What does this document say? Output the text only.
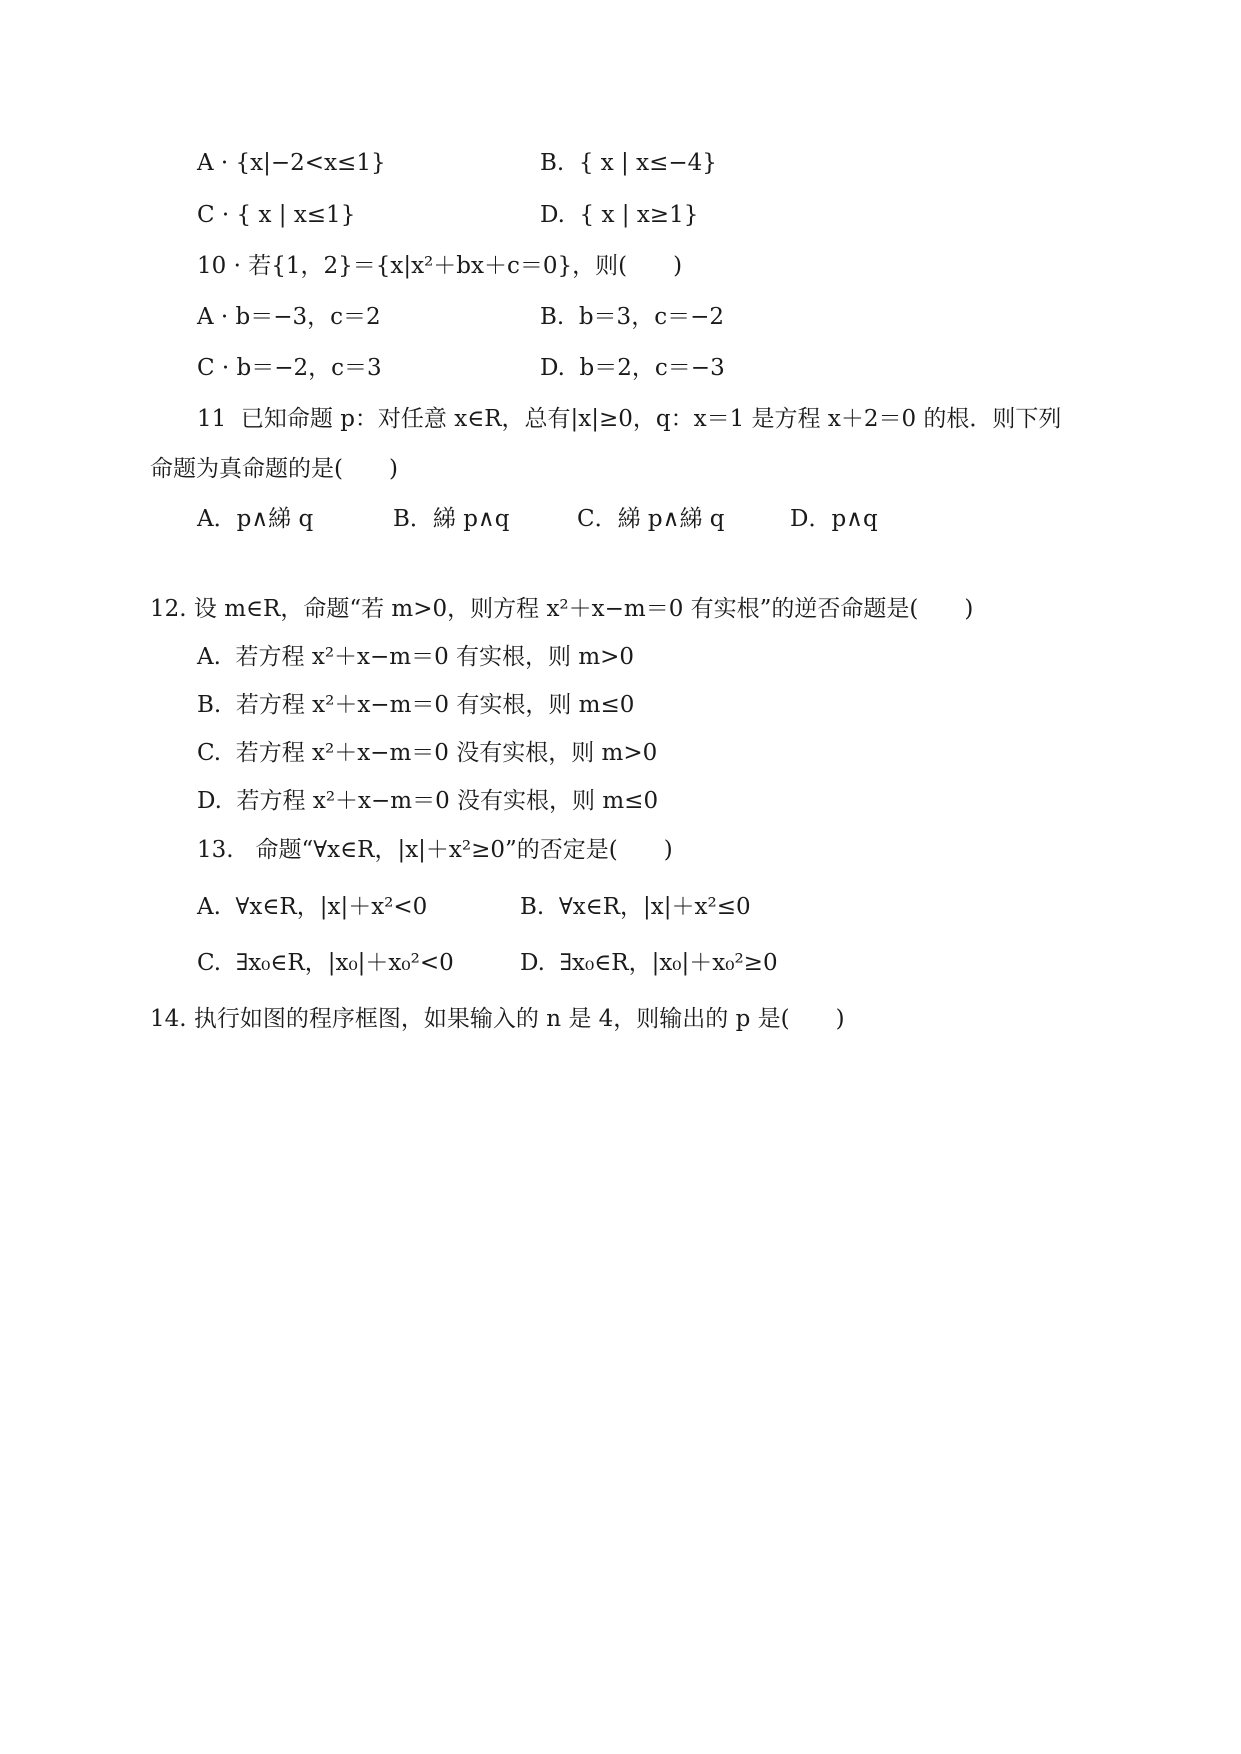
A · {x|−2<x≤1}	B.  { x | x≤−4}
C · { x | x≤1}	D.  { x | x≥1}
10 · 若{1，2}＝{x|x²＋bx＋c＝0}，则(　　)
A · b＝−3，c＝2	B.  b＝3，c＝−2
C · b＝−2，c＝3	D.  b＝2，c＝−3
11  已知命题 p：对任意 x∈R，总有|x|≥0，q：x＝1 是方程 x＋2＝0 的根．则下列
命题为真命题的是(　　)
A．p∧綈 q	B．綈 p∧q	C．綈 p∧綈 q	D．p∧q
12. 设 m∈R，命题“若 m>0，则方程 x²＋x−m＝0 有实根”的逆否命题是(　　)
A.  若方程 x²＋x−m＝0 有实根，则 m>0
B.  若方程 x²＋x−m＝0 有实根，则 m≤0
C.  若方程 x²＋x−m＝0 没有实根，则 m>0
D.  若方程 x²＋x−m＝0 没有实根，则 m≤0
13.   命题“∀x∈R，|x|＋x²≥0”的否定是(　　)
A.  ∀x∈R，|x|＋x²<0	B.  ∀x∈R，|x|＋x²≤0
C.  ∃x₀∈R，|x₀|＋x₀²<0	D.  ∃x₀∈R，|x₀|＋x₀²≥0
14. 执行如图的程序框图，如果输入的 n 是 4，则输出的 p 是(　　)
